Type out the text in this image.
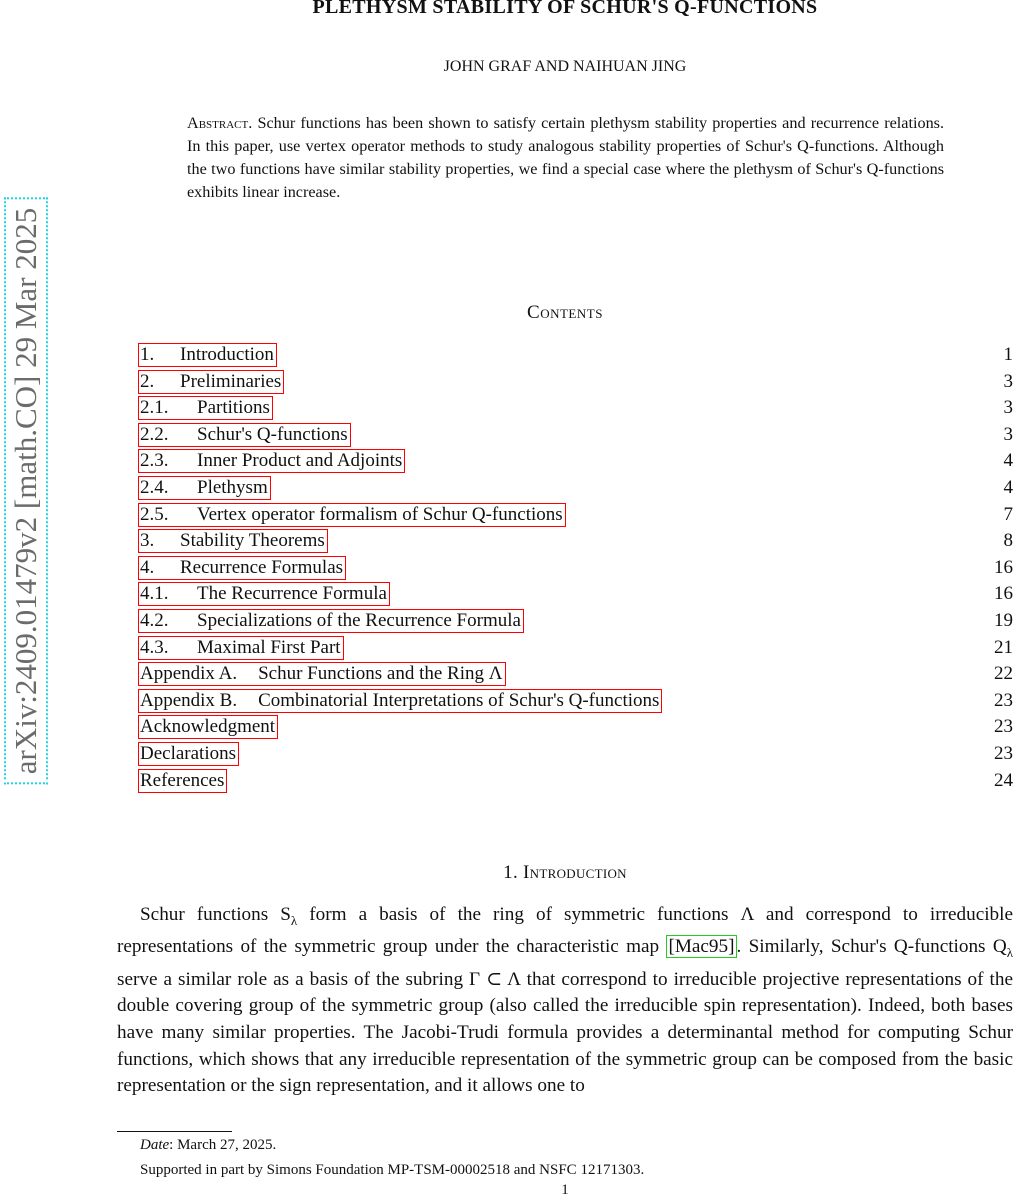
PLETHYSM STABILITY OF SCHUR'S Q-FUNCTIONS
JOHN GRAF AND NAIHUAN JING
arXiv:2409.01479v2 [math.CO] 29 Mar 2025
Abstract. Schur functions has been shown to satisfy certain plethysm stability properties and recurrence relations. In this paper, use vertex operator methods to study analogous stability properties of Schur's Q-functions. Although the two functions have similar stability properties, we find a special case where the plethysm of Schur's Q-functions exhibits linear increase.
Contents
1. Introduction	1
2. Preliminaries	3
2.1. Partitions	3
2.2. Schur's Q-functions	3
2.3. Inner Product and Adjoints	4
2.4. Plethysm	4
2.5. Vertex operator formalism of Schur Q-functions	7
3. Stability Theorems	8
4. Recurrence Formulas	16
4.1. The Recurrence Formula	16
4.2. Specializations of the Recurrence Formula	19
4.3. Maximal First Part	21
Appendix A. Schur Functions and the Ring Λ	22
Appendix B. Combinatorial Interpretations of Schur's Q-functions	23
Acknowledgment	23
Declarations	23
References	24
1. Introduction
Schur functions $S_\lambda$ form a basis of the ring of symmetric functions Λ and correspond to irreducible representations of the symmetric group under the characteristic map [Mac95] . Similarly, Schur's Q-functions $Q_\lambda$ serve a similar role as a basis of the subring Γ ⊂ Λ that correspond to irreducible projective representations of the double covering group of the symmetric group (also called the irreducible spin representation). Indeed, both bases have many similar properties. The Jacobi-Trudi formula provides a determinantal method for computing Schur functions, which shows that any irreducible representation of the symmetric group can be composed from the basic representation or the sign representation, and it allows one to
Date: March 27, 2025.
Supported in part by Simons Foundation MP-TSM-00002518 and NSFC 12171303.
1
